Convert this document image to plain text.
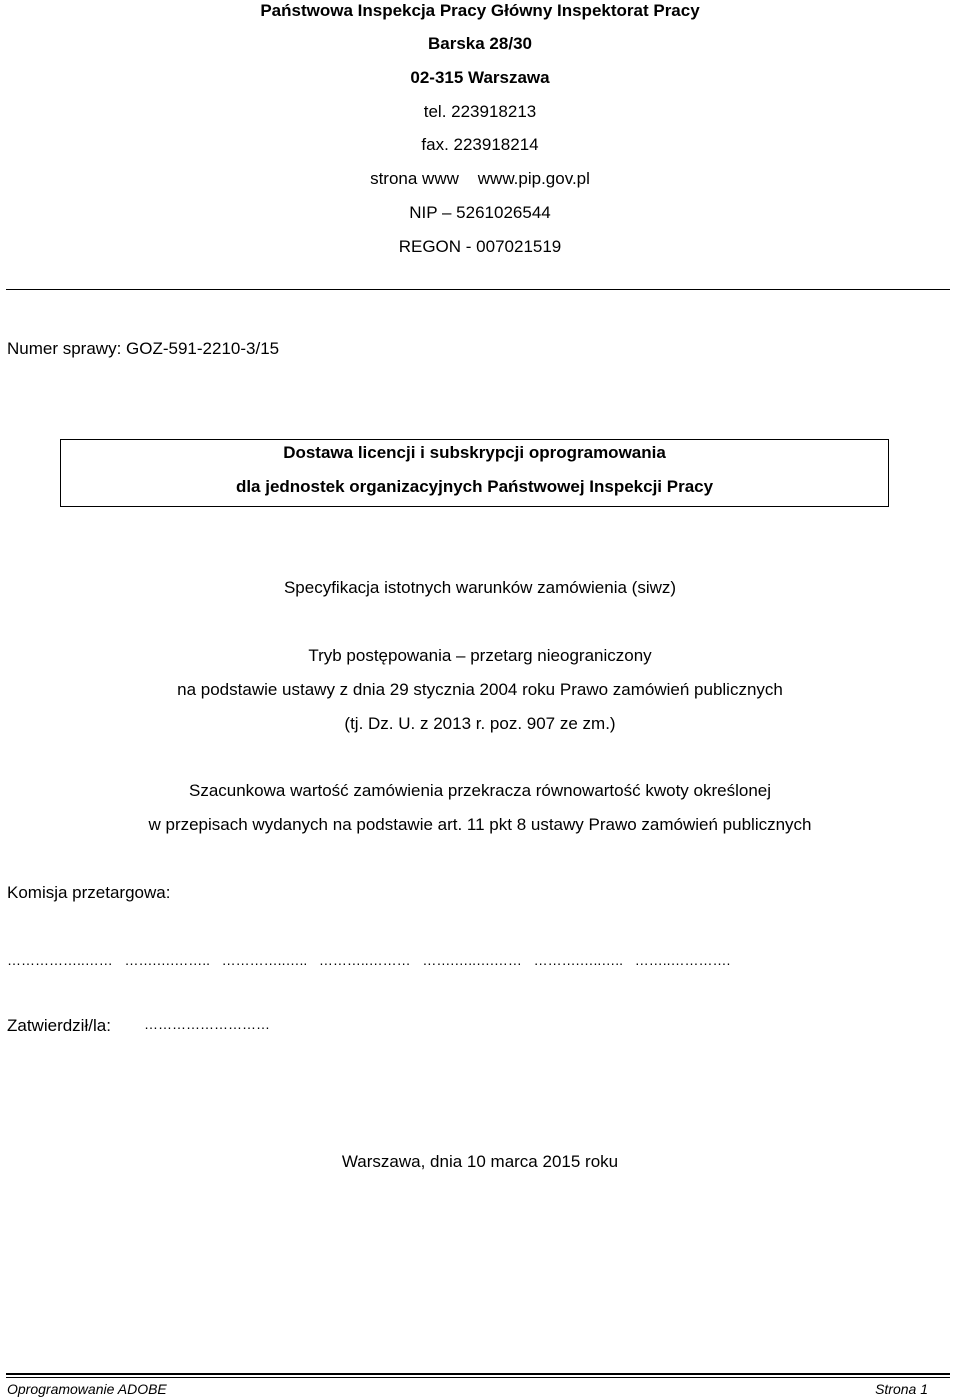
Państwowa Inspekcja Pracy Główny Inspektorat Pracy
Barska 28/30
02-315 Warszawa
tel. 223918213
fax. 223918214
strona www    www.pip.gov.pl
NIP – 5261026544
REGON - 007021519
Numer sprawy: GOZ-591-2210-3/15
Dostawa licencji i subskrypcji oprogramowania
dla jednostek organizacyjnych Państwowej Inspekcji Pracy
Specyfikacja istotnych warunków zamówienia (siwz)
Tryb postępowania – przetarg nieograniczony
na podstawie ustawy z dnia 29 stycznia 2004 roku Prawo zamówień publicznych
(tj. Dz. U. z 2013 r. poz. 907 ze zm.)
Szacunkowa wartość zamówienia przekracza równowartość kwoty określonej
w przepisach wydanych na podstawie art. 11 pkt 8 ustawy Prawo zamówień publicznych
Komisja przetargowa:
……………..……   …….….……..   …………..…..   ………..………   …….…..….……   ……….…..…..   ……..………….
Zatwierdził/la: ………………………
Warszawa, dnia 10 marca 2015 roku
Oprogramowanie ADOBE	Strona 1
